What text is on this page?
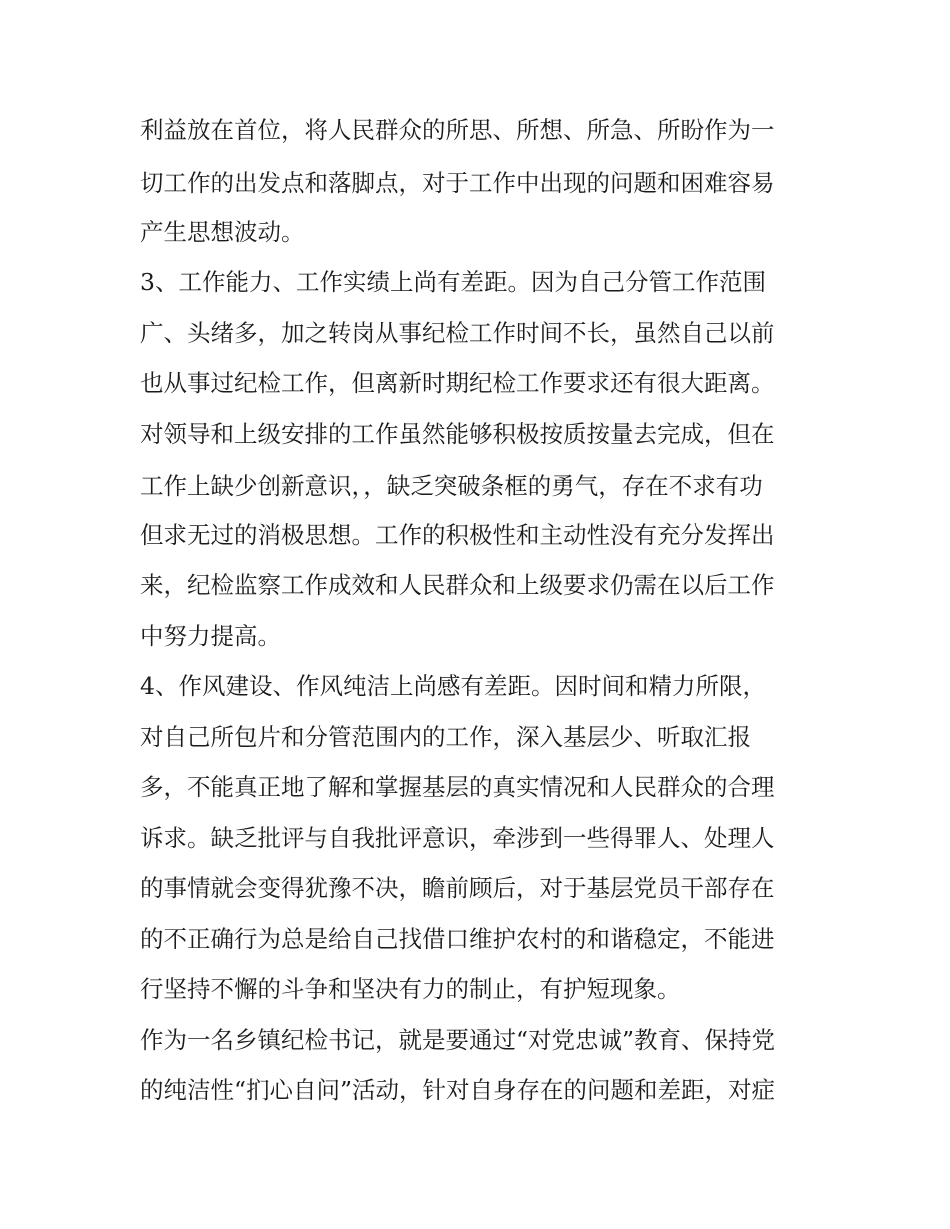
利益放在首位，将人民群众的所思、所想、所急、所盼作为一
切工作的出发点和落脚点，对于工作中出现的问题和困难容易
产生思想波动。
3、工作能力、工作实绩上尚有差距。因为自己分管工作范围
广、头绪多，加之转岗从事纪检工作时间不长，虽然自己以前
也从事过纪检工作，但离新时期纪检工作要求还有很大距离。
对领导和上级安排的工作虽然能够积极按质按量去完成，但在
工作上缺少创新意识，，缺乏突破条框的勇气，存在不求有功
但求无过的消极思想。工作的积极性和主动性没有充分发挥出
来，纪检监察工作成效和人民群众和上级要求仍需在以后工作
中努力提高。
4、作风建设、作风纯洁上尚感有差距。因时间和精力所限，
对自己所包片和分管范围内的工作，深入基层少、听取汇报
多，不能真正地了解和掌握基层的真实情况和人民群众的合理
诉求。缺乏批评与自我批评意识，牵涉到一些得罪人、处理人
的事情就会变得犹豫不决，瞻前顾后，对于基层党员干部存在
的不正确行为总是给自己找借口维护农村的和谐稳定，不能进
行坚持不懈的斗争和坚决有力的制止，有护短现象。
作为一名乡镇纪检书记，就是要通过“对党忠诚”教育、保持党
的纯洁性“扪心自问”活动，针对自身存在的问题和差距，对症
